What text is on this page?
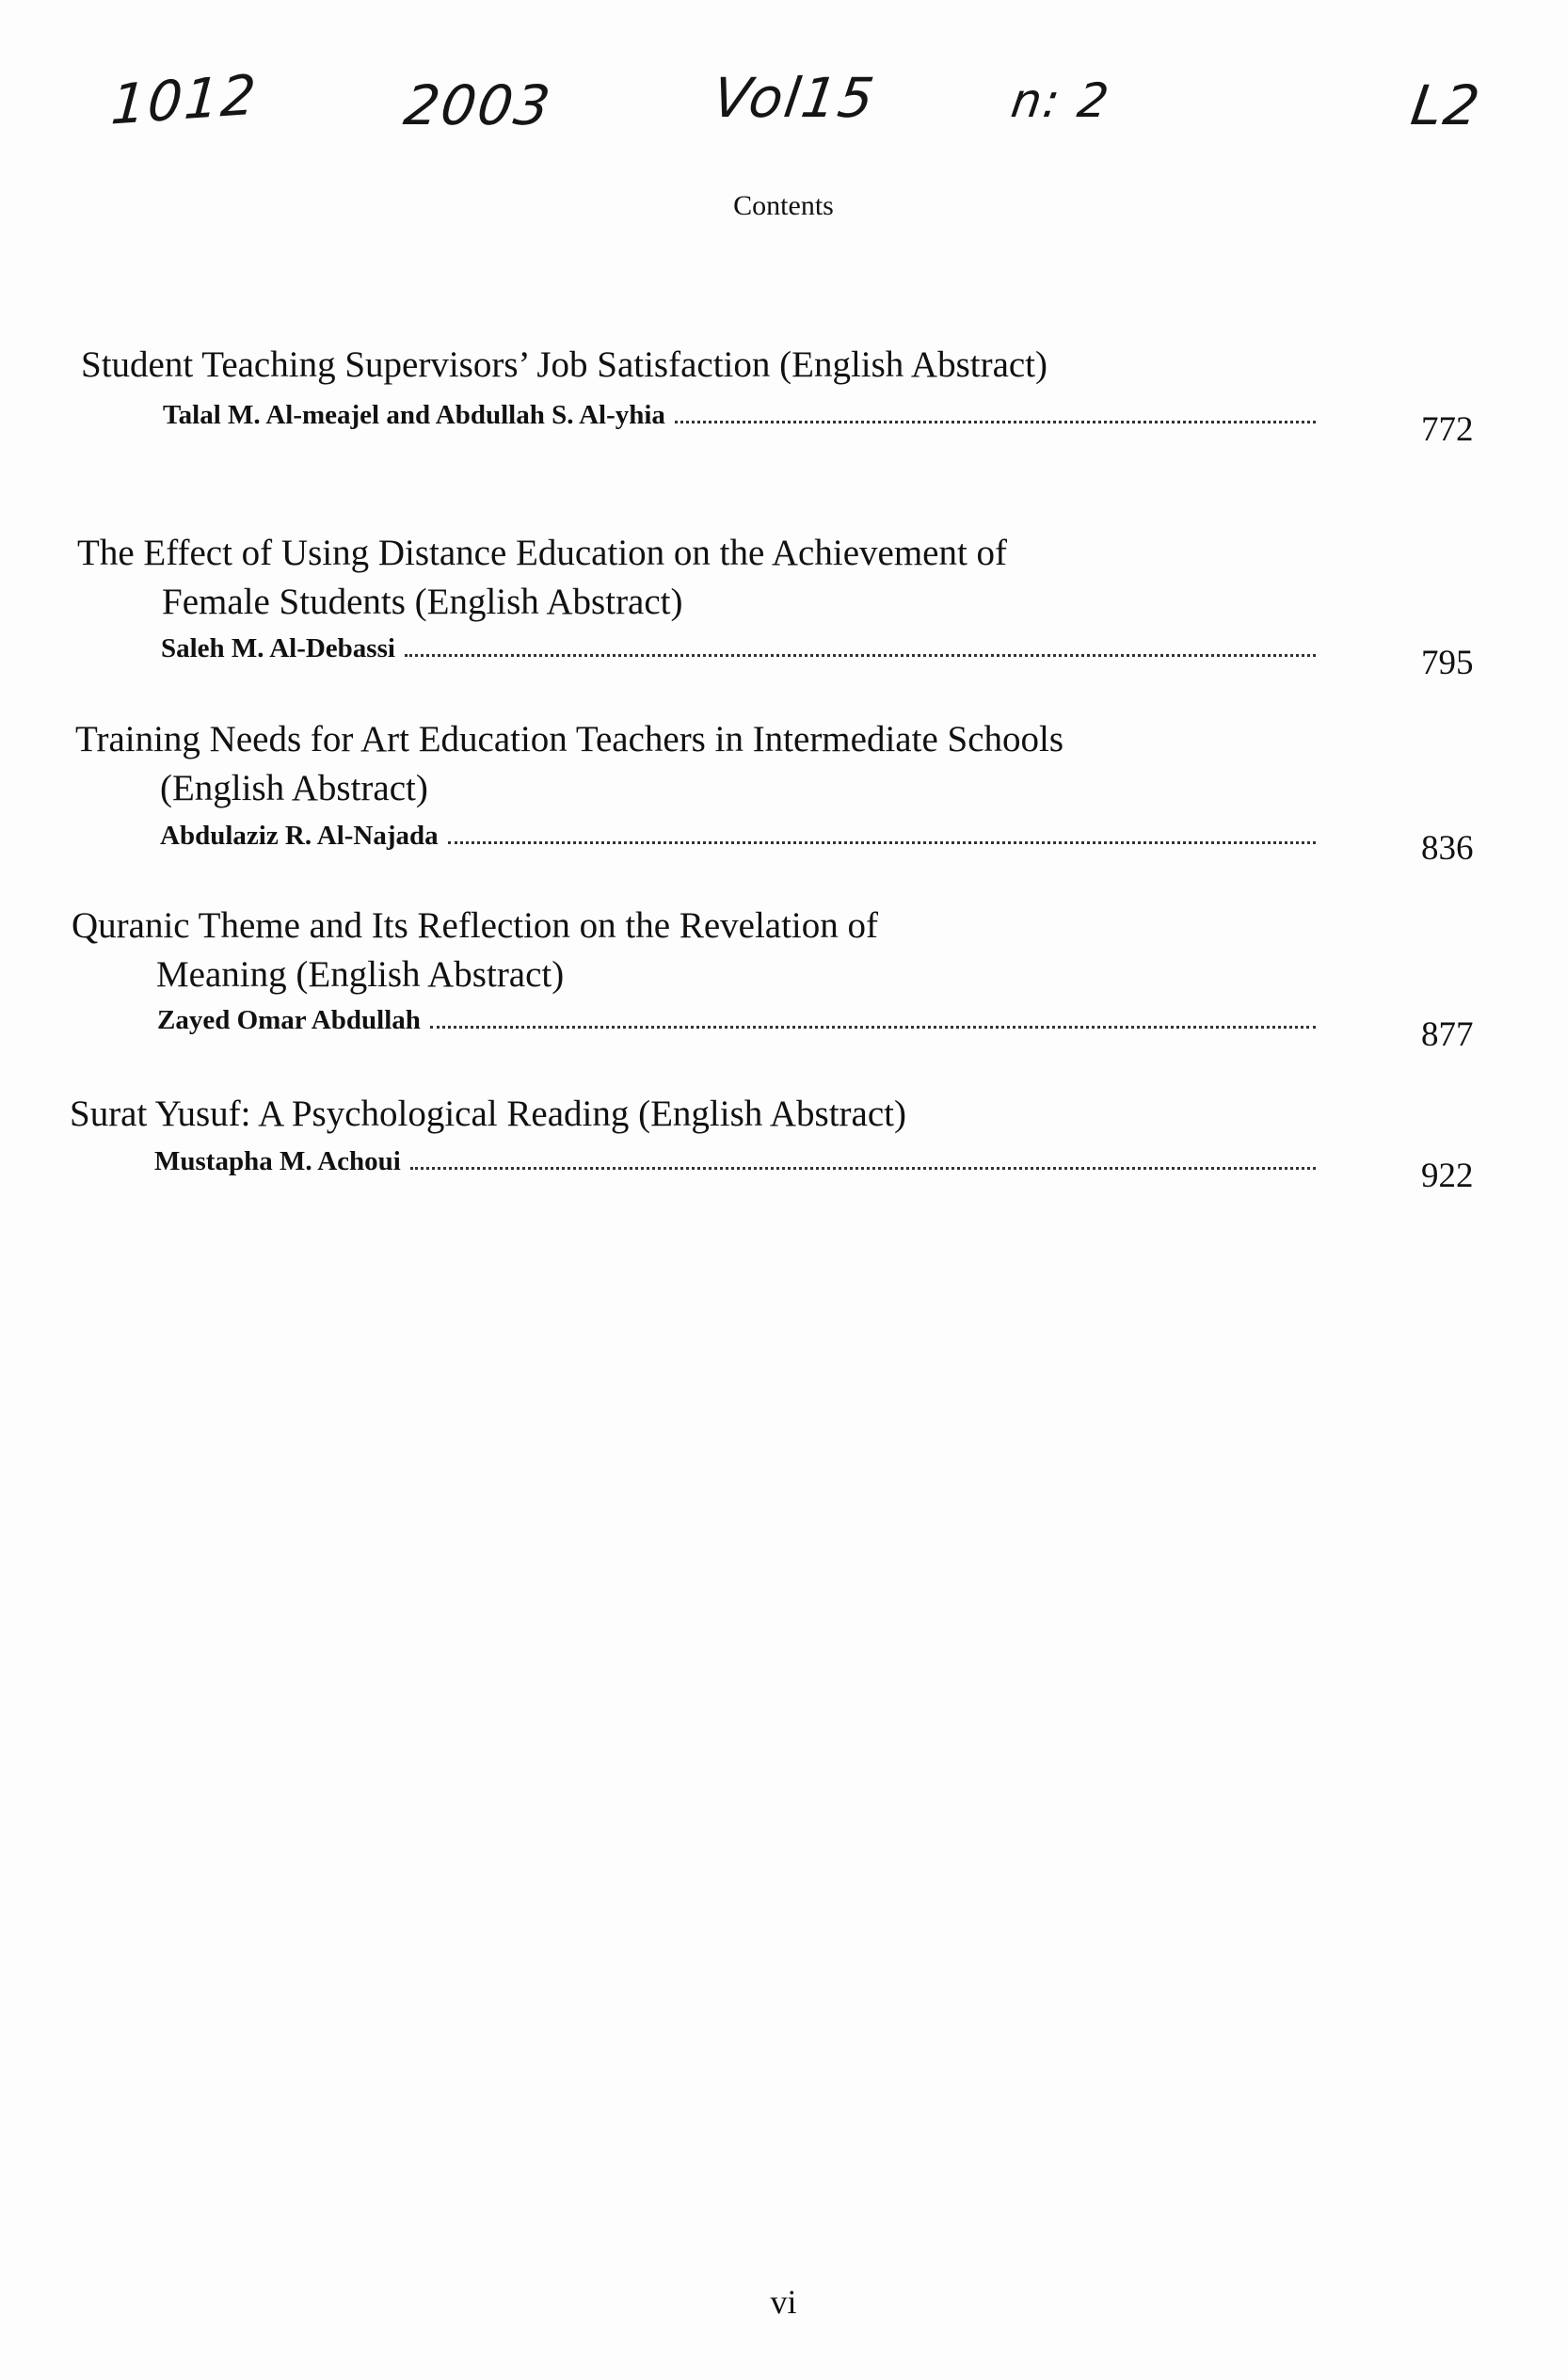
1012	2003	Vol15	n: 2	L2
Contents
Student Teaching Supervisors’ Job Satisfaction (English Abstract)
Talal M. Al-meajel and Abdullah S. Al-yhia	772
The Effect of Using Distance Education on the Achievement of
Female Students (English Abstract)
Saleh M. Al-Debassi	795
Training Needs for Art Education Teachers in Intermediate Schools
(English Abstract)
Abdulaziz R. Al-Najada	836
Quranic Theme and Its Reflection on the Revelation of
Meaning (English Abstract)
Zayed Omar Abdullah	877
Surat Yusuf: A Psychological Reading (English Abstract)
Mustapha M. Achoui	922
vi
